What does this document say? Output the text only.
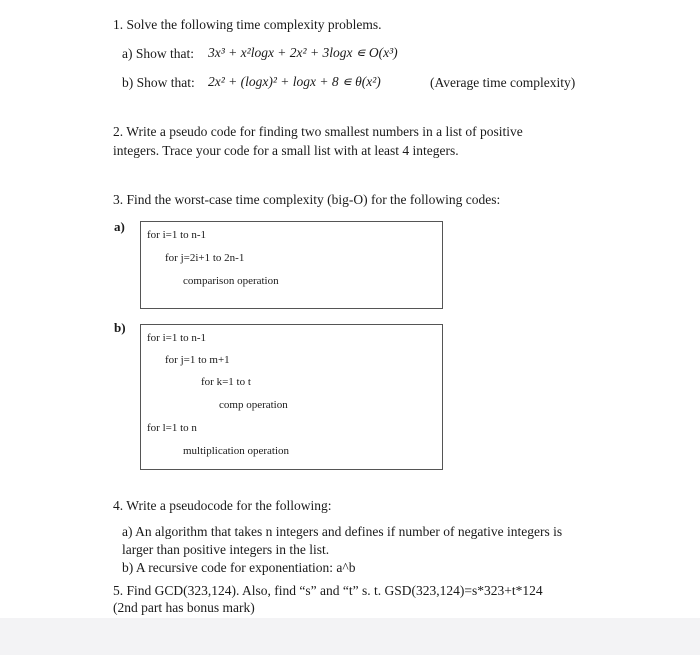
1. Solve the following time complexity problems.
a) Show that: 3x³ + x²logx + 2x² + 3logx ∊ O(x³)
b) Show that: 2x² + (logx)² + logx + 8 ∊ θ(x²)	(Average time complexity)
2. Write a pseudo code for finding two smallest numbers in a list of positive
integers. Trace your code for a small list with at least 4 integers.
3. Find the worst-case time complexity (big-O) for the following codes:
a)
for i=1 to n-1
for j=2i+1 to 2n-1
comparison operation
b)
for i=1 to n-1
for j=1 to m+1
for k=1 to t
comp operation
for l=1 to n
multiplication operation
4. Write a pseudocode for the following:
a) An algorithm that takes n integers and defines if number of negative integers is
larger than positive integers in the list.
b) A recursive code for exponentiation: a^b
5. Find GCD(323,124). Also, find “s” and “t” s. t. GSD(323,124)=s*323+t*124
(2nd part has bonus mark)
